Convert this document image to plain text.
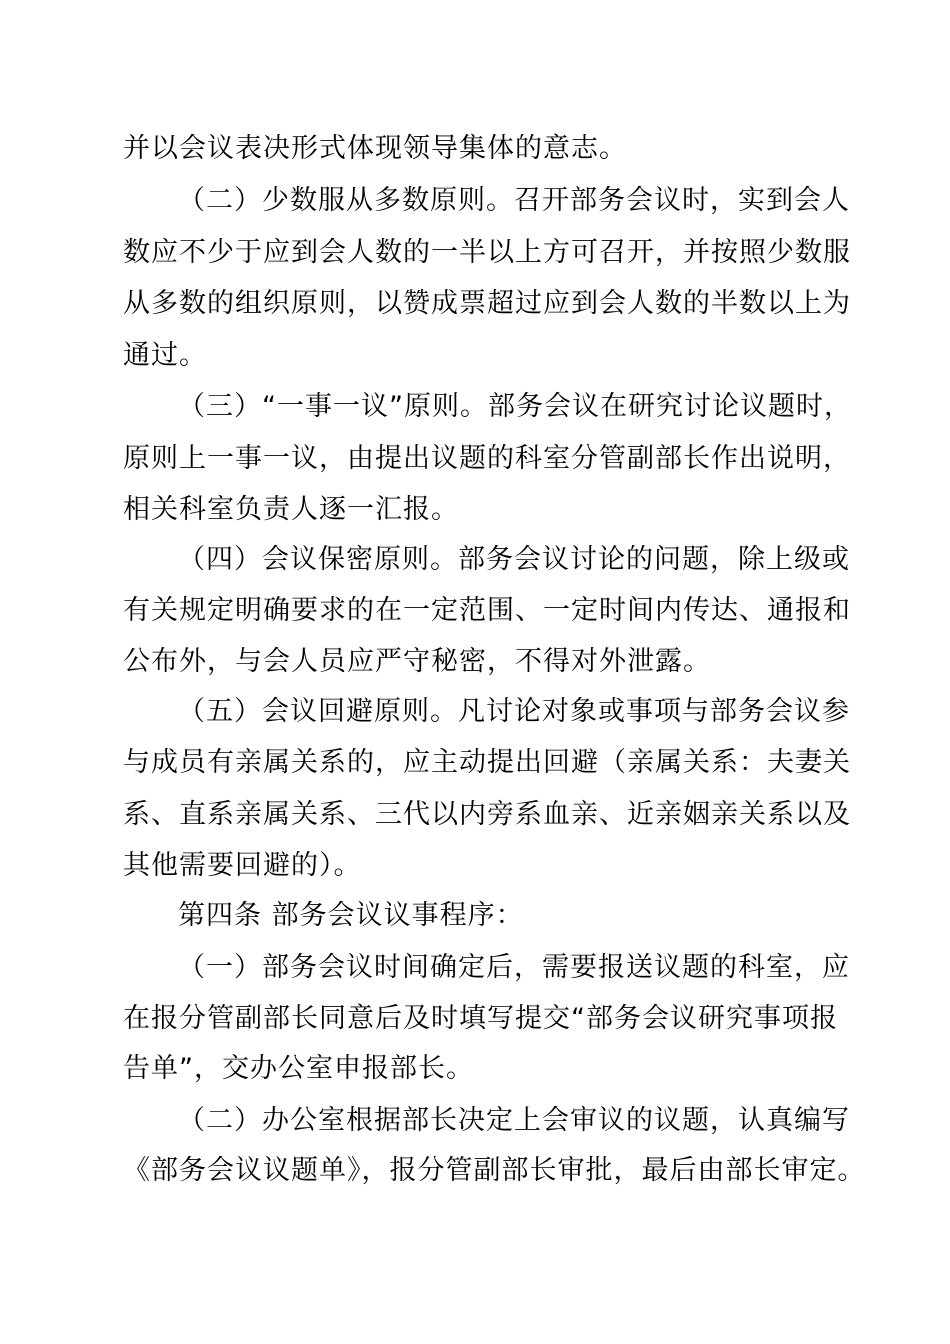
并以会议表决形式体现领导集体的意志。

（二）少数服从多数原则。召开部务会议时，实到会人

数应不少于应到会人数的一半以上方可召开，并按照少数服

从多数的组织原则，以赞成票超过应到会人数的半数以上为

通过。

（三）“一事一议”原则。部务会议在研究讨论议题时，

原则上一事一议，由提出议题的科室分管副部长作出说明，

相关科室负责人逐一汇报。

（四）会议保密原则。部务会议讨论的问题，除上级或

有关规定明确要求的在一定范围、一定时间内传达、通报和

公布外，与会人员应严守秘密，不得对外泄露。

（五）会议回避原则。凡讨论对象或事项与部务会议参

与成员有亲属关系的，应主动提出回避（亲属关系：夫妻关

系、直系亲属关系、三代以内旁系血亲、近亲姻亲关系以及

其他需要回避的）。

第四条 部务会议议事程序：

（一）部务会议时间确定后，需要报送议题的科室，应

在报分管副部长同意后及时填写提交“部务会议研究事项报

告单”，交办公室申报部长。

（二）办公室根据部长决定上会审议的议题，认真编写

《部务会议议题单》，报分管副部长审批，最后由部长审定。
